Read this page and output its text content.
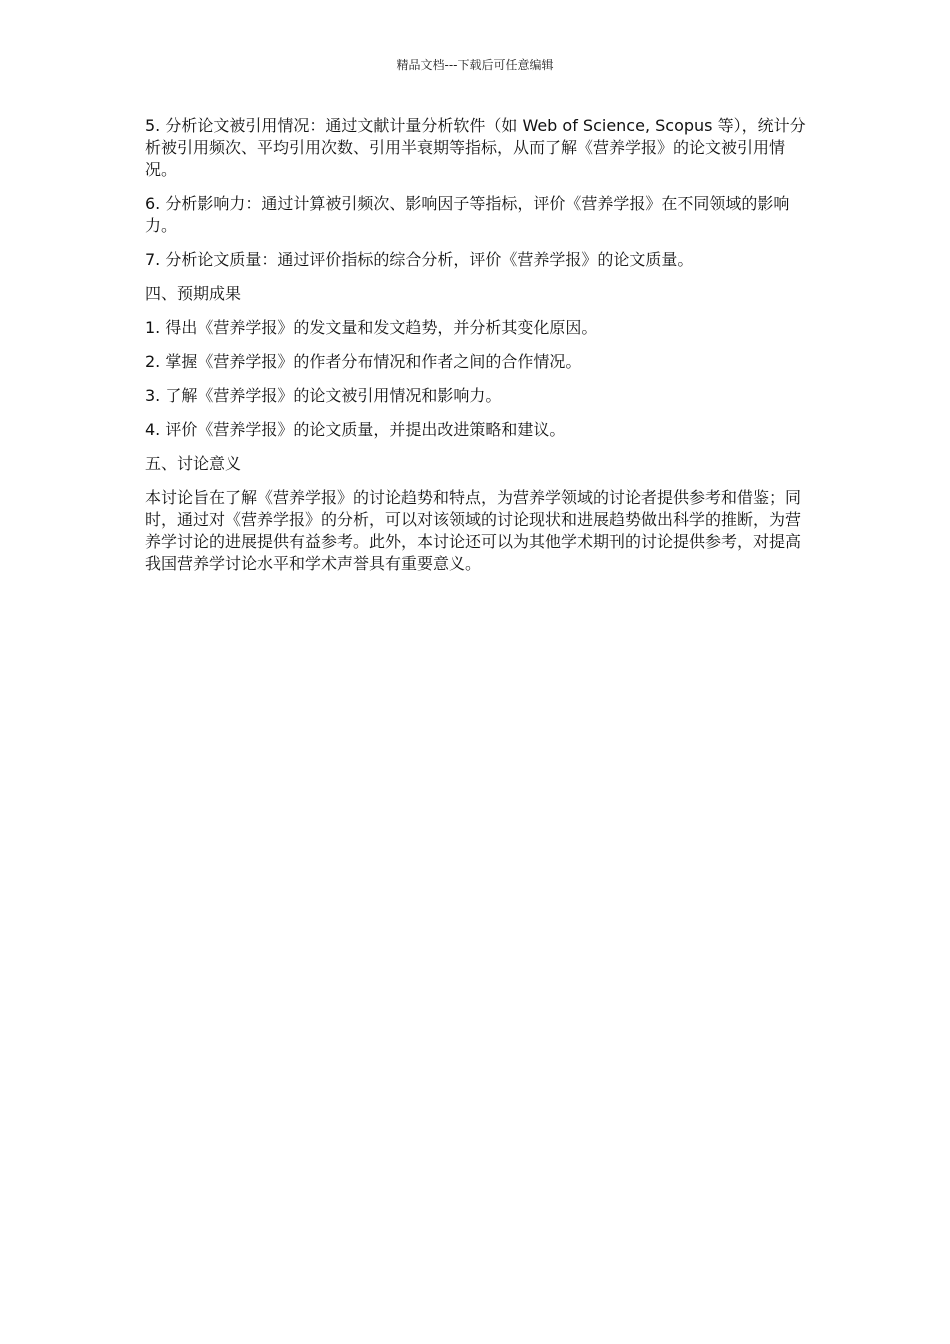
精品文档---下载后可任意编辑

5. 分析论文被引用情况：通过文献计量分析软件（如 Web of Science, Scopus 等），统计分析被引用频次、平均引用次数、引用半衰期等指标，从而了解《营养学报》的论文被引用情况。

6. 分析影响力：通过计算被引频次、影响因子等指标，评价《营养学报》在不同领域的影响力。

7. 分析论文质量：通过评价指标的综合分析，评价《营养学报》的论文质量。

四、预期成果

1. 得出《营养学报》的发文量和发文趋势，并分析其变化原因。

2. 掌握《营养学报》的作者分布情况和作者之间的合作情况。

3. 了解《营养学报》的论文被引用情况和影响力。

4. 评价《营养学报》的论文质量，并提出改进策略和建议。

五、讨论意义

本讨论旨在了解《营养学报》的讨论趋势和特点，为营养学领域的讨论者提供参考和借鉴；同时，通过对《营养学报》的分析，可以对该领域的讨论现状和进展趋势做出科学的推断，为营养学讨论的进展提供有益参考。此外，本讨论还可以为其他学术期刊的讨论提供参考，对提高我国营养学讨论水平和学术声誉具有重要意义。
